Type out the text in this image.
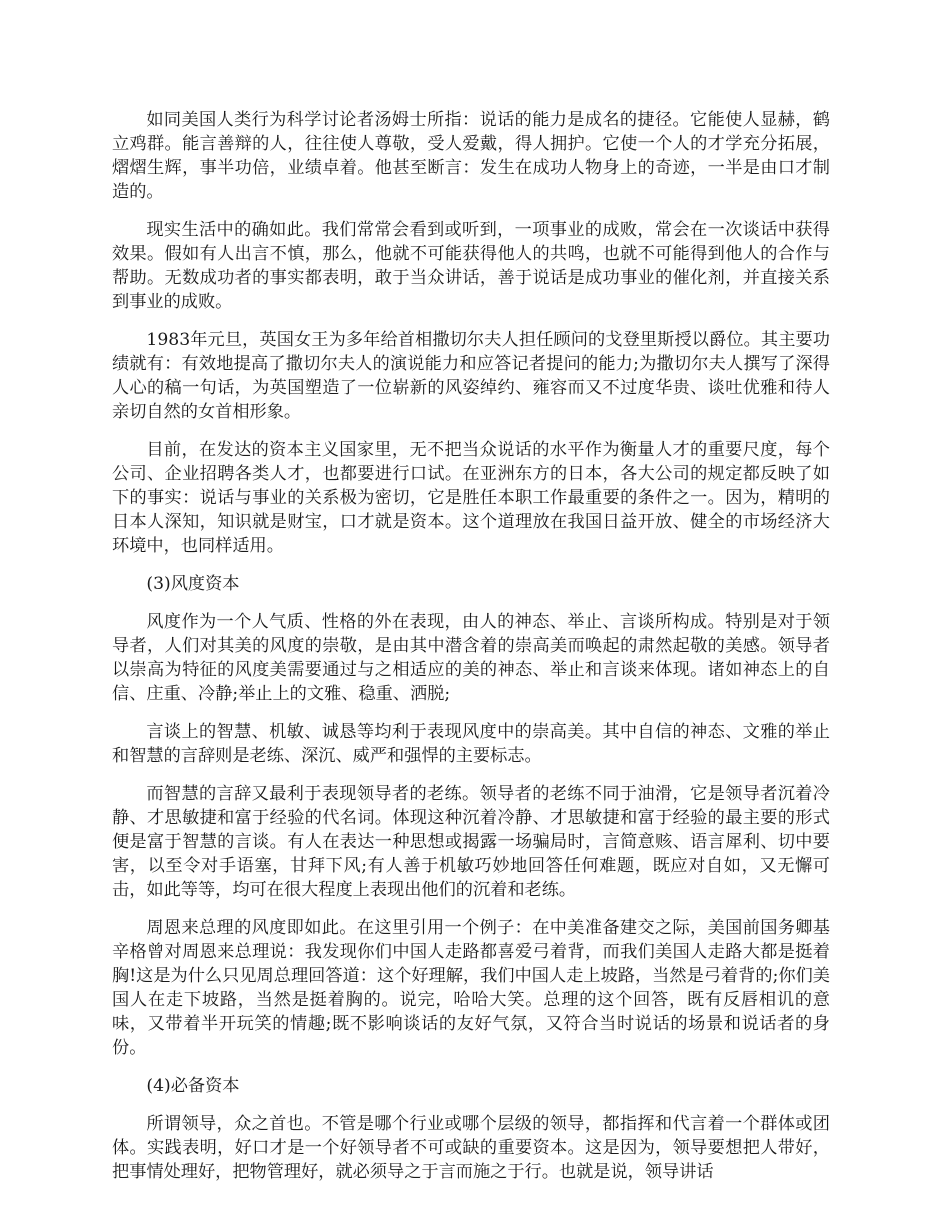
如同美国人类行为科学讨论者汤姆士所指：说话的能力是成名的捷径。它能使人显赫，鹤立鸡群。能言善辩的人，往往使人尊敬，受人爱戴，得人拥护。它使一个人的才学充分拓展，熠熠生辉，事半功倍，业绩卓着。他甚至断言：发生在成功人物身上的奇迹，一半是由口才制造的。

现实生活中的确如此。我们常常会看到或听到，一项事业的成败，常会在一次谈话中获得效果。假如有人出言不慎，那么，他就不可能获得他人的共鸣，也就不可能得到他人的合作与帮助。无数成功者的事实都表明，敢于当众讲话，善于说话是成功事业的催化剂，并直接关系到事业的成败。

1983年元旦，英国女王为多年给首相撒切尔夫人担任顾问的戈登里斯授以爵位。其主要功绩就有：有效地提高了撒切尔夫人的演说能力和应答记者提问的能力;为撒切尔夫人撰写了深得人心的稿一句话，为英国塑造了一位崭新的风姿绰约、雍容而又不过度华贵、谈吐优雅和待人亲切自然的女首相形象。

目前，在发达的资本主义国家里，无不把当众说话的水平作为衡量人才的重要尺度，每个公司、企业招聘各类人才，也都要进行口试。在亚洲东方的日本，各大公司的规定都反映了如下的事实：说话与事业的关系极为密切，它是胜任本职工作最重要的条件之一。因为，精明的日本人深知，知识就是财宝，口才就是资本。这个道理放在我国日益开放、健全的市场经济大环境中，也同样适用。

(3)风度资本

风度作为一个人气质、性格的外在表现，由人的神态、举止、言谈所构成。特别是对于领导者，人们对其美的风度的崇敬，是由其中潜含着的崇高美而唤起的肃然起敬的美感。领导者以崇高为特征的风度美需要通过与之相适应的美的神态、举止和言谈来体现。诸如神态上的自信、庄重、冷静;举止上的文雅、稳重、洒脱;

言谈上的智慧、机敏、诚恳等均利于表现风度中的崇高美。其中自信的神态、文雅的举止和智慧的言辞则是老练、深沉、威严和强悍的主要标志。

而智慧的言辞又最利于表现领导者的老练。领导者的老练不同于油滑，它是领导者沉着冷静、才思敏捷和富于经验的代名词。体现这种沉着冷静、才思敏捷和富于经验的最主要的形式便是富于智慧的言谈。有人在表达一种思想或揭露一场骗局时，言简意赅、语言犀利、切中要害，以至令对手语塞，甘拜下风;有人善于机敏巧妙地回答任何难题，既应对自如，又无懈可击，如此等等，均可在很大程度上表现出他们的沉着和老练。

周恩来总理的风度即如此。在这里引用一个例子：在中美准备建交之际，美国前国务卿基辛格曾对周恩来总理说：我发现你们中国人走路都喜爱弓着背，而我们美国人走路大都是挺着胸!这是为什么只见周总理回答道：这个好理解，我们中国人走上坡路，当然是弓着背的;你们美国人在走下坡路，当然是挺着胸的。说完，哈哈大笑。总理的这个回答，既有反唇相讥的意味，又带着半开玩笑的情趣;既不影响谈话的友好气氛，又符合当时说话的场景和说话者的身份。

(4)必备资本

所谓领导，众之首也。不管是哪个行业或哪个层级的领导，都指挥和代言着一个群体或团体。实践表明，好口才是一个好领导者不可或缺的重要资本。这是因为，领导要想把人带好，把事情处理好，把物管理好，就必须导之于言而施之于行。也就是说，领导讲话
